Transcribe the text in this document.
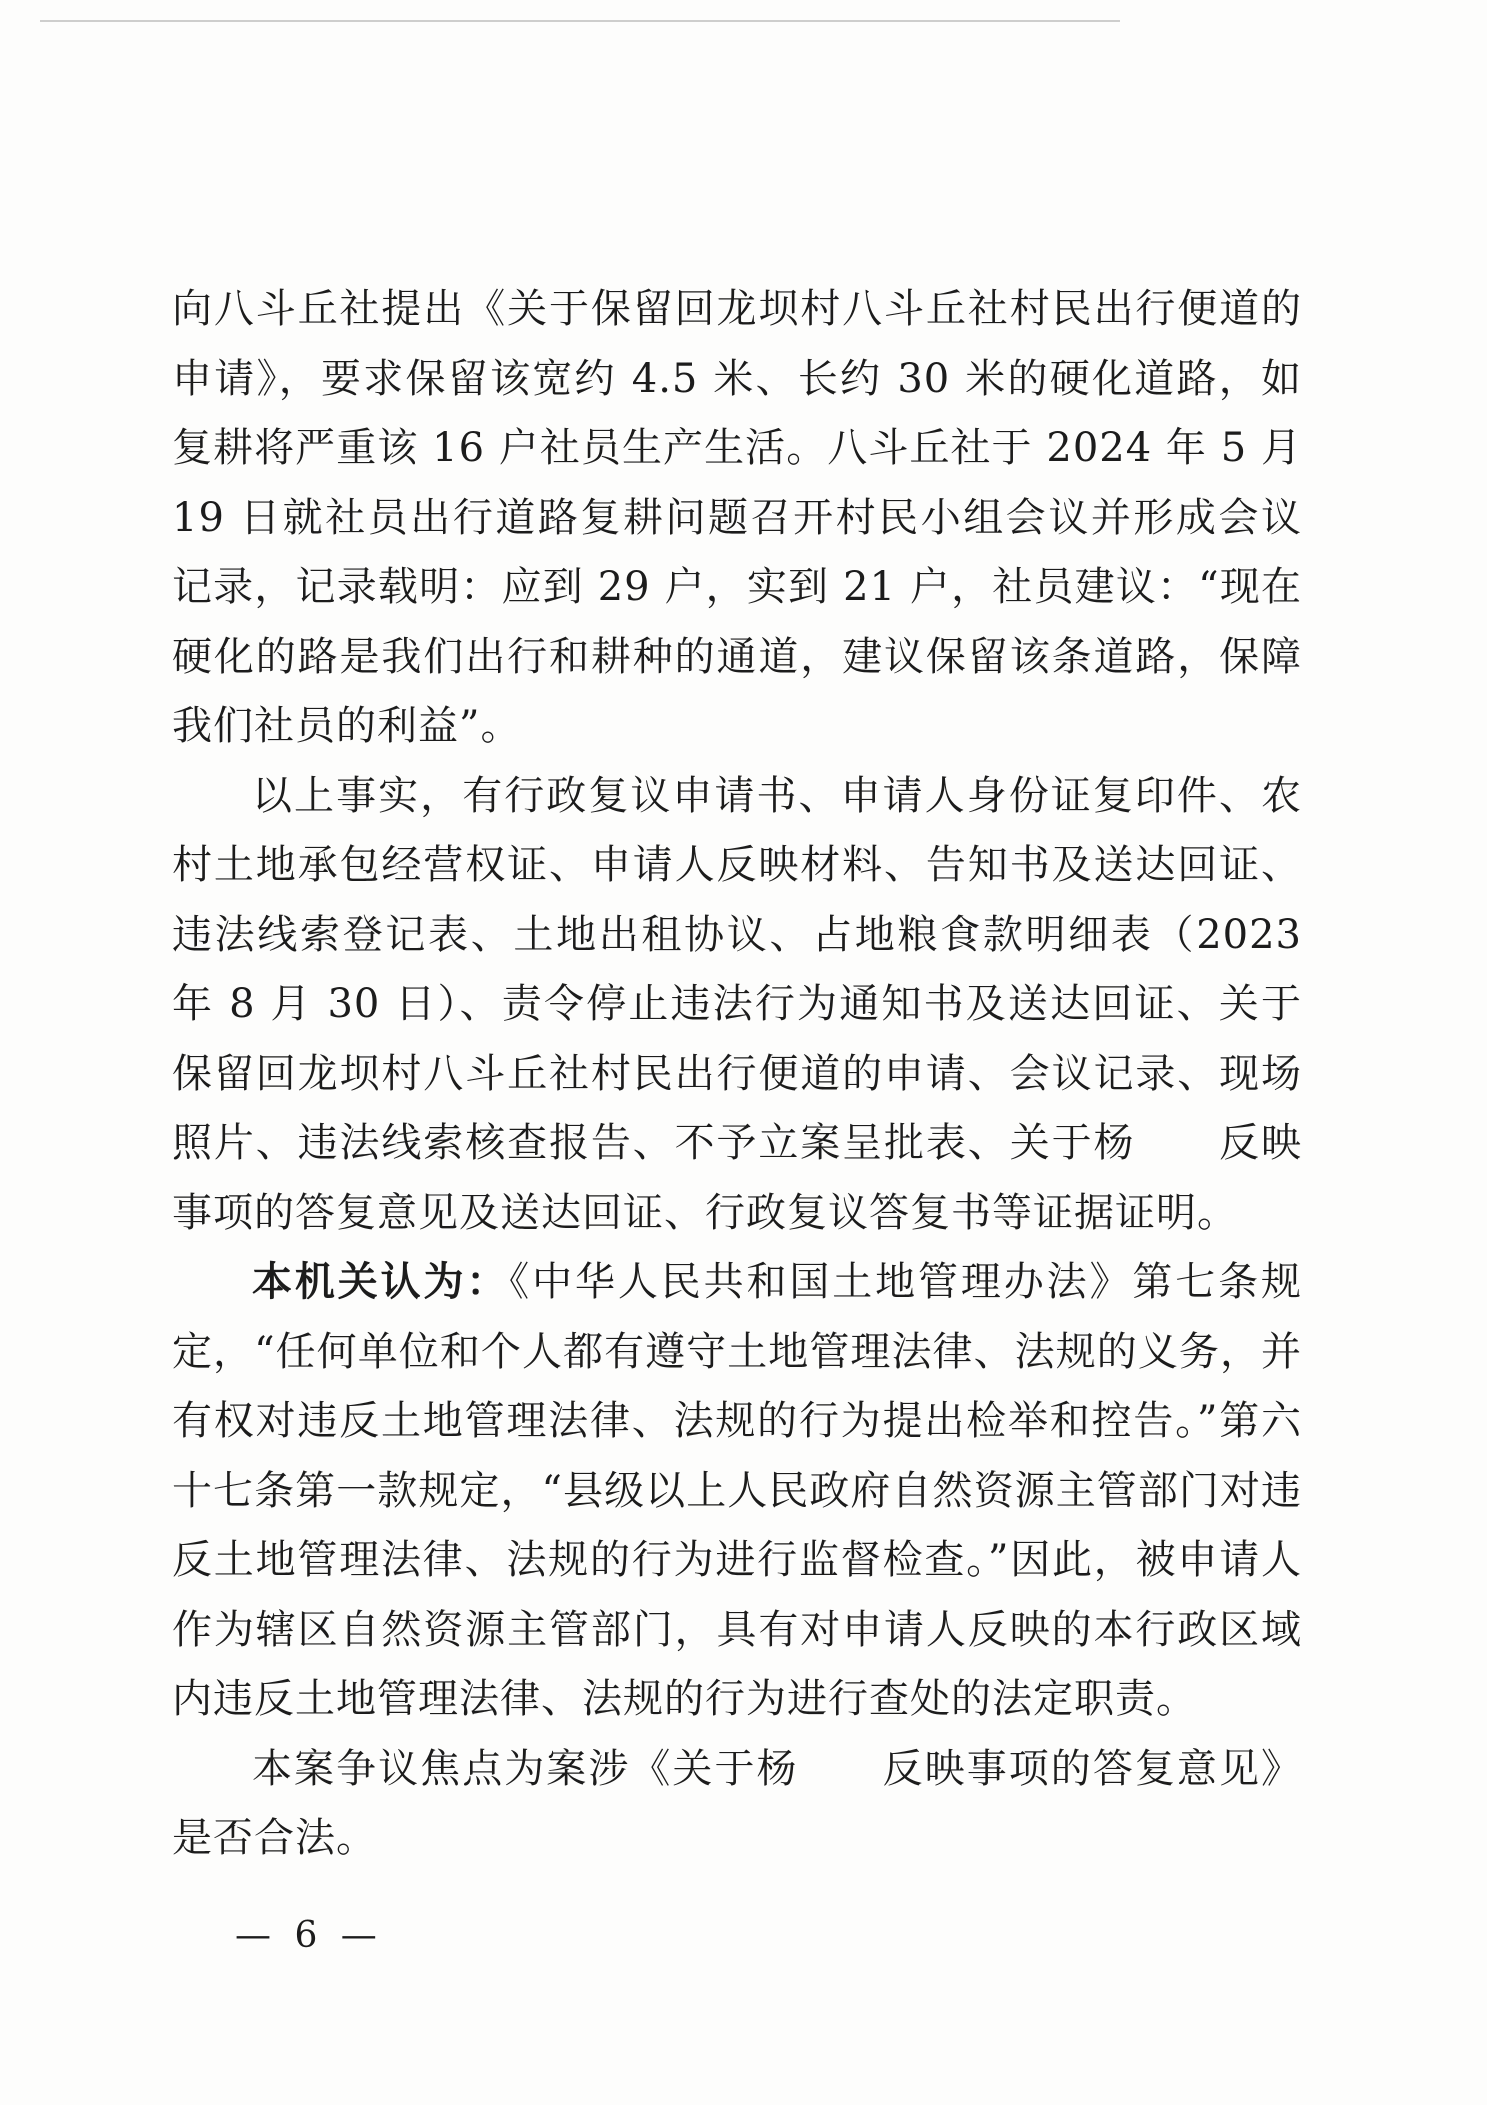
向八斗丘社提出《关于保留回龙坝村八斗丘社村民出行便道的申请》，要求保留该宽约 4.5 米、长约 30 米的硬化道路，如复耕将严重该 16 户社员生产生活。八斗丘社于 2024 年 5 月 19 日就社员出行道路复耕问题召开村民小组会议并形成会议记录，记录载明：应到 29 户，实到 21 户，社员建议：“现在硬化的路是我们出行和耕种的通道，建议保留该条道路，保障我们社员的利益”。

以上事实，有行政复议申请书、申请人身份证复印件、农村土地承包经营权证、申请人反映材料、告知书及送达回证、违法线索登记表、土地出租协议、占地粮食款明细表（2023 年 8 月 30 日）、责令停止违法行为通知书及送达回证、关于保留回龙坝村八斗丘社村民出行便道的申请、会议记录、现场照片、违法线索核查报告、不予立案呈批表、关于杨　　反映事项的答复意见及送达回证、行政复议答复书等证据证明。

本机关认为：《中华人民共和国土地管理办法》第七条规定，“任何单位和个人都有遵守土地管理法律、法规的义务，并有权对违反土地管理法律、法规的行为提出检举和控告。”第六十七条第一款规定，“县级以上人民政府自然资源主管部门对违反土地管理法律、法规的行为进行监督检查。”因此，被申请人作为辖区自然资源主管部门，具有对申请人反映的本行政区域内违反土地管理法律、法规的行为进行查处的法定职责。

本案争议焦点为案涉《关于杨　　反映事项的答复意见》是否合法。

— 6 —
